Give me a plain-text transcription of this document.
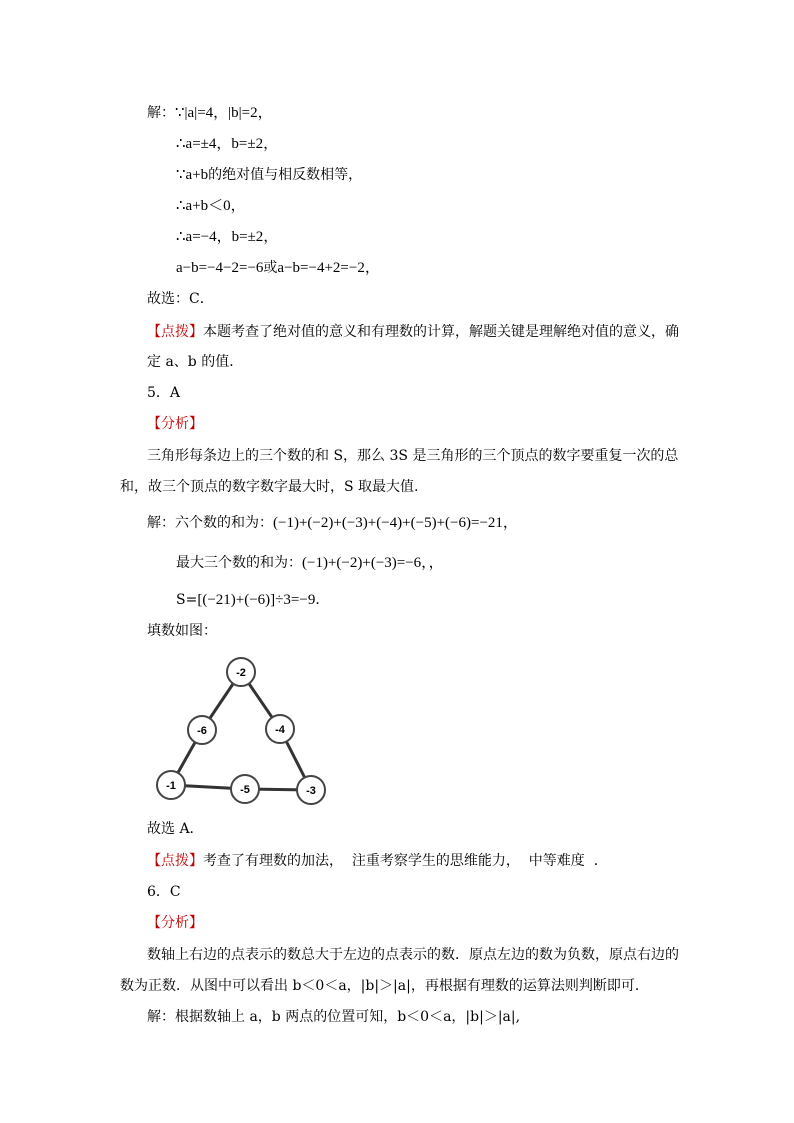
解：∵|a|=4，|b|=2，
∴a=±4，b=±2，
∵a+b的绝对值与相反数相等，
∴a+b＜0，
∴a=−4，b=±2，
a−b=−4−2=−6或a−b=−4+2=−2，
故选：C．
【点拨】本题考查了绝对值的意义和有理数的计算，解题关键是理解绝对值的意义，确
定 a、b 的值．
5．A
【分析】
三角形每条边上的三个数的和 S，那么 3S 是三角形的三个顶点的数字要重复一次的总
和，故三个顶点的数字数字最大时，S 取最大值.
解：六个数的和为：(−1)+(−2)+(−3)+(−4)+(−5)+(−6)=−21，
最大三个数的和为：(−1)+(−2)+(−3)=−6，，
S=[(−21)+(−6)]÷3=−9．
填数如图：
-2
-6	-4
-1	-5	-3
故选 A．
【点拨】考查了有理数的加法，  注重考察学生的思维能力，  中等难度  ．
6．C
【分析】
数轴上右边的点表示的数总大于左边的点表示的数．原点左边的数为负数，原点右边的
数为正数．从图中可以看出 b＜0＜a，|b|＞|a|，再根据有理数的运算法则判断即可．
解：根据数轴上 a，b 两点的位置可知，b＜0＜a，|b|＞|a|,
